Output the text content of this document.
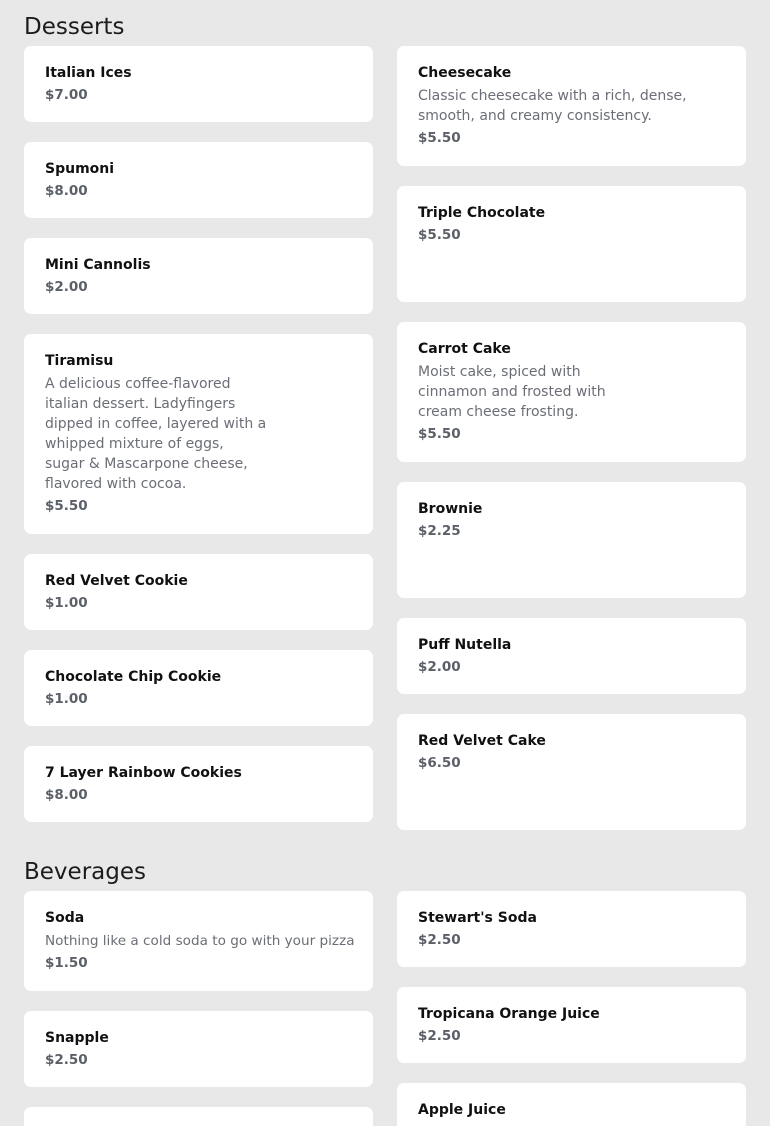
Desserts
Italian Ices
$7.00
Spumoni
$8.00
Mini Cannolis
$2.00
Tiramisu
A delicious coffee-flavored italian dessert. Ladyfingers dipped in coffee, layered with a whipped mixture of eggs, sugar & Mascarpone cheese, flavored with cocoa.
$5.50
Red Velvet Cookie
$1.00
Chocolate Chip Cookie
$1.00
7 Layer Rainbow Cookies
$8.00
Cheesecake
Classic cheesecake with a rich, dense, smooth, and creamy consistency.
$5.50
Triple Chocolate
$5.50
Carrot Cake
Moist cake, spiced with cinnamon and frosted with cream cheese frosting.
$5.50
Brownie
$2.25
Puff Nutella
$2.00
Red Velvet Cake
$6.50
Beverages
Soda
Nothing like a cold soda to go with your pizza
$1.50
Snapple
$2.50
Stewart's Soda
$2.50
Tropicana Orange Juice
$2.50
Apple Juice
